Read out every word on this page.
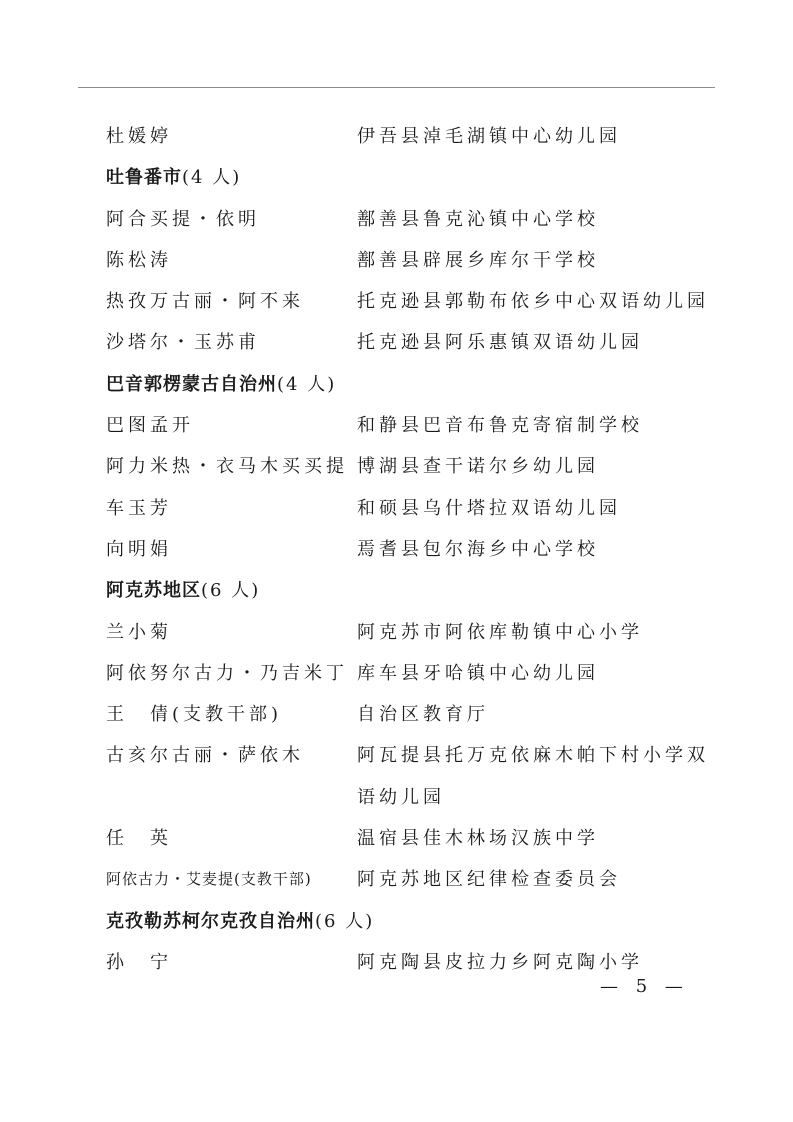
杜媛婷	伊吾县淖毛湖镇中心幼儿园
吐鲁番市(4 人)
阿合买提・依明	鄯善县鲁克沁镇中心学校
陈松涛	鄯善县辟展乡库尔干学校
热孜万古丽・阿不来	托克逊县郭勒布依乡中心双语幼儿园
沙塔尔・玉苏甫	托克逊县阿乐惠镇双语幼儿园
巴音郭楞蒙古自治州(4 人)
巴图孟开	和静县巴音布鲁克寄宿制学校
阿力米热・衣马木买买提 博湖县查干诺尔乡幼儿园
车玉芳	和硕县乌什塔拉双语幼儿园
向明娟	焉耆县包尔海乡中心学校
阿克苏地区(6 人)
兰小菊	阿克苏市阿依库勒镇中心小学
阿依努尔古力・乃吉米丁 库车县牙哈镇中心幼儿园
王　倩(支教干部)	自治区教育厅
古亥尔古丽・萨依木	阿瓦提县托万克依麻木帕下村小学双
语幼儿园
任　英	温宿县佳木林场汉族中学
阿依古力・艾麦提(支教干部)	阿克苏地区纪律检查委员会
克孜勒苏柯尔克孜自治州(6 人)
孙　宁	阿克陶县皮拉力乡阿克陶小学
— 5 —
